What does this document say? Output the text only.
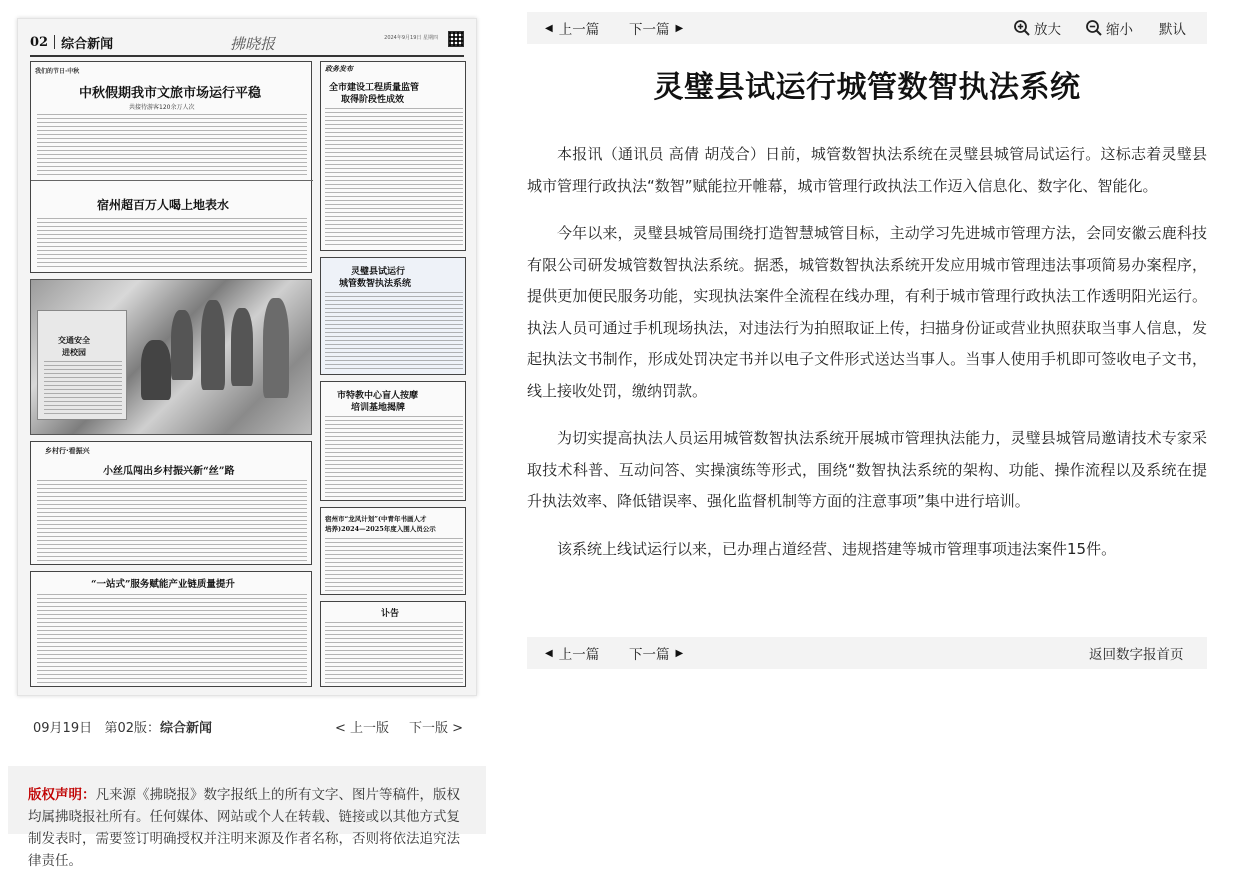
02 综合新闻	拂晓报	2024年9月19日 星期四
我们的节日·中秋
中秋假期我市文旅市场运行平稳
共接待游客120余万人次
宿州超百万人喝上地表水
政务发布
全市建设工程质量监管
取得阶段性成效
灵璧县试运行
城管数智执法系统
交通安全
进校园
市特教中心盲人按摩
培训基地揭牌
乡村行·看振兴
小丝瓜闯出乡村振兴新“丝”路
宿州市“龙风计划”(中青年书画人才
培养)2024—2025年度入围人员公示
“一站式”服务赋能产业链质量提升
讣告
09月19日 第02版：综合新闻	< 上一版 下一版 >
版权声明：凡来源《拂晓报》数字报纸上的所有文字、图片等稿件，版权均属拂晓报社所有。任何媒体、网站或个人在转载、链接或以其他方式复制发表时，需要签订明确授权并注明来源及作者名称，否则将依法追究法律责任。
◀ 上一篇 下一篇 ▶	放大	缩小 默认
灵璧县试运行城管数智执法系统

本报讯（通讯员 高倩 胡茂合）日前，城管数智执法系统在灵璧县城管局试运行。这标志着灵璧县城市管理行政执法“数智”赋能拉开帷幕，城市管理行政执法工作迈入信息化、数字化、智能化。

今年以来，灵璧县城管局围绕打造智慧城管目标，主动学习先进城市管理方法，会同安徽云鹿科技有限公司研发城管数智执法系统。据悉，城管数智执法系统开发应用城市管理违法事项简易办案程序，提供更加便民服务功能，实现执法案件全流程在线办理，有利于城市管理行政执法工作透明阳光运行。执法人员可通过手机现场执法，对违法行为拍照取证上传，扫描身份证或营业执照获取当事人信息，发起执法文书制作，形成处罚决定书并以电子文件形式送达当事人。当事人使用手机即可签收电子文书，线上接收处罚，缴纳罚款。

为切实提高执法人员运用城管数智执法系统开展城市管理执法能力，灵璧县城管局邀请技术专家采取技术科普、互动问答、实操演练等形式，围绕“数智执法系统的架构、功能、操作流程以及系统在提升执法效率、降低错误率、强化监督机制等方面的注意事项”集中进行培训。

该系统上线试运行以来，已办理占道经营、违规搭建等城市管理事项违法案件15件。

◀ 上一篇 下一篇 ▶	返回数字报首页
